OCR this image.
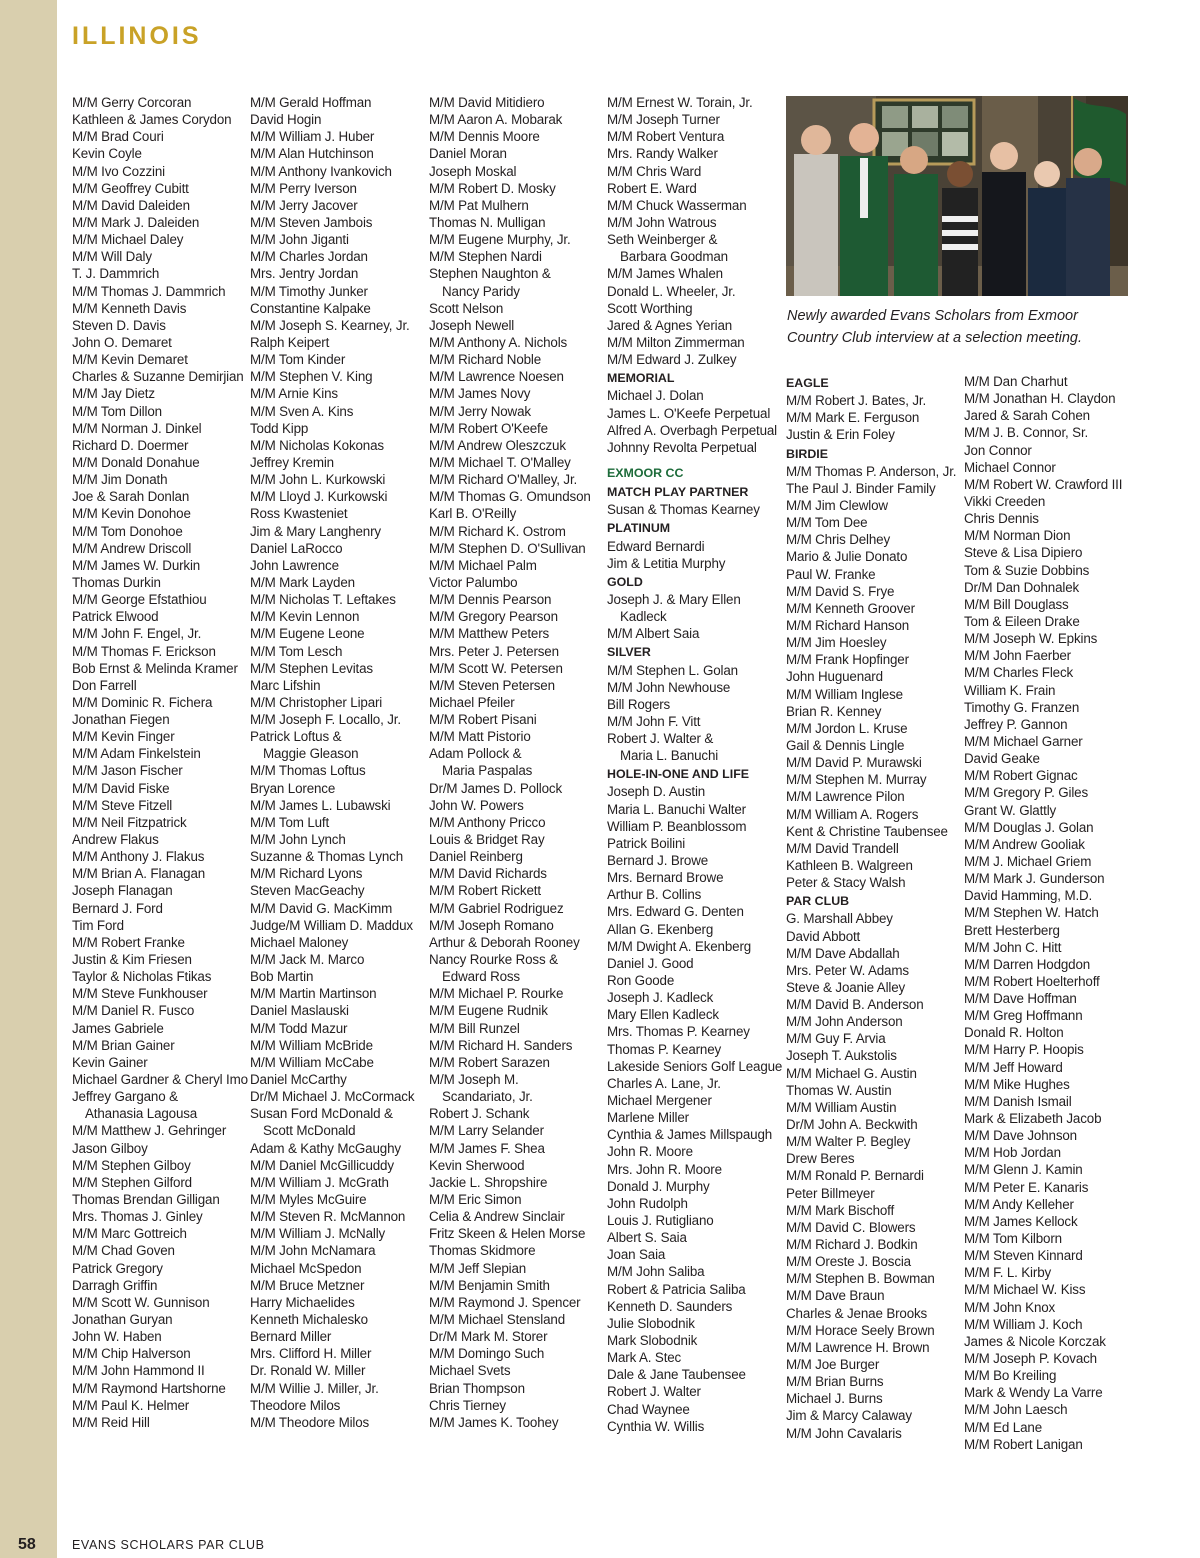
58
ILLINOIS
EVANS SCHOLARS PAR CLUB
M/M Gerry Corcoran
Kathleen & James Corydon
M/M Brad Couri
Kevin Coyle
M/M Ivo Cozzini
M/M Geoffrey Cubitt
M/M David Daleiden
M/M Mark J. Daleiden
M/M Michael Daley
M/M Will Daly
T. J. Dammrich
M/M Thomas J. Dammrich
M/M Kenneth Davis
Steven D. Davis
John O. Demaret
M/M Kevin Demaret
Charles & Suzanne Demirjian
M/M Jay Dietz
M/M Tom Dillon
M/M Norman J. Dinkel
Richard D. Doermer
M/M Donald Donahue
M/M Jim Donath
Joe & Sarah Donlan
M/M Kevin Donohoe
M/M Tom Donohoe
M/M Andrew Driscoll
M/M James W. Durkin
Thomas Durkin
M/M George Efstathiou
Patrick Elwood
M/M John F. Engel, Jr.
M/M Thomas F. Erickson
Bob Ernst & Melinda Kramer
Don Farrell
M/M Dominic R. Fichera
Jonathan Fiegen
M/M Kevin Finger
M/M Adam Finkelstein
M/M Jason Fischer
M/M David Fiske
M/M Steve Fitzell
M/M Neil Fitzpatrick
Andrew Flakus
M/M Anthony J. Flakus
M/M Brian A. Flanagan
Joseph Flanagan
Bernard J. Ford
Tim Ford
M/M Robert Franke
Justin & Kim Friesen
Taylor & Nicholas Ftikas
M/M Steve Funkhouser
M/M Daniel R. Fusco
James Gabriele
M/M Brian Gainer
Kevin Gainer
Michael Gardner & Cheryl Imo
Jeffrey Gargano &
Athanasia Lagousa
M/M Matthew J. Gehringer
Jason Gilboy
M/M Stephen Gilboy
M/M Stephen Gilford
Thomas Brendan Gilligan
Mrs. Thomas J. Ginley
M/M Marc Gottreich
M/M Chad Goven
Patrick Gregory
Darragh Griffin
M/M Scott W. Gunnison
Jonathan Guryan
John W. Haben
M/M Chip Halverson
M/M John Hammond II
M/M Raymond Hartshorne
M/M Paul K. Helmer
M/M Reid Hill
M/M Gerald Hoffman
David Hogin
M/M William J. Huber
M/M Alan Hutchinson
M/M Anthony Ivankovich
M/M Perry Iverson
M/M Jerry Jacover
M/M Steven Jambois
M/M John Jiganti
M/M Charles Jordan
Mrs. Jentry Jordan
M/M Timothy Junker
Constantine Kalpake
M/M Joseph S. Kearney, Jr.
Ralph Keipert
M/M Tom Kinder
M/M Stephen V. King
M/M Arnie Kins
M/M Sven A. Kins
Todd Kipp
M/M Nicholas Kokonas
Jeffrey Kremin
M/M John L. Kurkowski
M/M Lloyd J. Kurkowski
Ross Kwasteniet
Jim & Mary Langhenry
Daniel LaRocco
John Lawrence
M/M Mark Layden
M/M Nicholas T. Leftakes
M/M Kevin Lennon
M/M Eugene Leone
M/M Tom Lesch
M/M Stephen Levitas
Marc Lifshin
M/M Christopher Lipari
M/M Joseph F. Locallo, Jr.
Patrick Loftus &
Maggie Gleason
M/M Thomas Loftus
Bryan Lorence
M/M James L. Lubawski
M/M Tom Luft
M/M John Lynch
Suzanne & Thomas Lynch
M/M Richard Lyons
Steven MacGeachy
M/M David G. MacKimm
Judge/M William D. Maddux
Michael Maloney
M/M Jack M. Marco
Bob Martin
M/M Martin Martinson
Daniel Maslauski
M/M Todd Mazur
M/M William McBride
M/M William McCabe
Daniel McCarthy
Dr/M Michael J. McCormack
Susan Ford McDonald &
Scott McDonald
Adam & Kathy McGaughy
M/M Daniel McGillicuddy
M/M William J. McGrath
M/M Myles McGuire
M/M Steven R. McMannon
M/M William J. McNally
M/M John McNamara
Michael McSpedon
M/M Bruce Metzner
Harry Michaelides
Kenneth Michalesko
Bernard Miller
Mrs. Clifford H. Miller
Dr. Ronald W. Miller
M/M Willie J. Miller, Jr.
Theodore Milos
M/M Theodore Milos
M/M David Mitidiero
M/M Aaron A. Mobarak
M/M Dennis Moore
Daniel Moran
Joseph Moskal
M/M Robert D. Mosky
M/M Pat Mulhern
Thomas N. Mulligan
M/M Eugene Murphy, Jr.
M/M Stephen Nardi
Stephen Naughton &
Nancy Paridy
Scott Nelson
Joseph Newell
M/M Anthony A. Nichols
M/M Richard Noble
M/M Lawrence Noesen
M/M James Novy
M/M Jerry Nowak
M/M Robert O'Keefe
M/M Andrew Oleszczuk
M/M Michael T. O'Malley
M/M Richard O'Malley, Jr.
M/M Thomas G. Omundson
Karl B. O'Reilly
M/M Richard K. Ostrom
M/M Stephen D. O'Sullivan
M/M Michael Palm
Victor Palumbo
M/M Dennis Pearson
M/M Gregory Pearson
M/M Matthew Peters
Mrs. Peter J. Petersen
M/M Scott W. Petersen
M/M Steven Petersen
Michael Pfeiler
M/M Robert Pisani
M/M Matt Pistorio
Adam Pollock &
Maria Paspalas
Dr/M James D. Pollock
John W. Powers
M/M Anthony Pricco
Louis & Bridget Ray
Daniel Reinberg
M/M David Richards
M/M Robert Rickett
M/M Gabriel Rodriguez
M/M Joseph Romano
Arthur & Deborah Rooney
Nancy Rourke Ross &
Edward Ross
M/M Michael P. Rourke
M/M Eugene Rudnik
M/M Bill Runzel
M/M Richard H. Sanders
M/M Robert Sarazen
M/M Joseph M.
Scandariato, Jr.
Robert J. Schank
M/M Larry Selander
M/M James F. Shea
Kevin Sherwood
Jackie L. Shropshire
M/M Eric Simon
Celia & Andrew Sinclair
Fritz Skeen & Helen Morse
Thomas Skidmore
M/M Jeff Slepian
M/M Benjamin Smith
M/M Raymond J. Spencer
M/M Michael Stensland
Dr/M Mark M. Storer
M/M Domingo Such
Michael Svets
Brian Thompson
Chris Tierney
M/M James K. Toohey
M/M Ernest W. Torain, Jr.
M/M Joseph Turner
M/M Robert Ventura
Mrs. Randy Walker
M/M Chris Ward
Robert E. Ward
M/M Chuck Wasserman
M/M John Watrous
Seth Weinberger &
Barbara Goodman
M/M James Whalen
Donald L. Wheeler, Jr.
Scott Worthing
Jared & Agnes Yerian
M/M Milton Zimmerman
M/M Edward J. Zulkey
MEMORIAL
Michael J. Dolan
James L. O'Keefe Perpetual
Alfred A. Overbagh Perpetual
Johnny Revolta Perpetual
EXMOOR CC
MATCH PLAY PARTNER
Susan & Thomas Kearney
PLATINUM
Edward Bernardi
Jim & Letitia Murphy
GOLD
Joseph J. & Mary Ellen
Kadleck
M/M Albert Saia
SILVER
M/M Stephen L. Golan
M/M John Newhouse
Bill Rogers
M/M John F. Vitt
Robert J. Walter &
Maria L. Banuchi
HOLE-IN-ONE AND LIFE
Joseph D. Austin
Maria L. Banuchi Walter
William P. Beanblossom
Patrick Boilini
Bernard J. Browe
Mrs. Bernard Browe
Arthur B. Collins
Mrs. Edward G. Denten
Allan G. Ekenberg
M/M Dwight A. Ekenberg
Daniel J. Good
Ron Goode
Joseph J. Kadleck
Mary Ellen Kadleck
Mrs. Thomas P. Kearney
Thomas P. Kearney
Lakeside Seniors Golf League
Charles A. Lane, Jr.
Michael Mergener
Marlene Miller
Cynthia & James Millspaugh
John R. Moore
Mrs. John R. Moore
Donald J. Murphy
John Rudolph
Louis J. Rutigliano
Albert S. Saia
Joan Saia
M/M John Saliba
Robert & Patricia Saliba
Kenneth D. Saunders
Julie Slobodnik
Mark Slobodnik
Mark A. Stec
Dale & Jane Taubensee
Robert J. Walter
Chad Waynee
Cynthia W. Willis
EAGLE
M/M Robert J. Bates, Jr.
M/M Mark E. Ferguson
Justin & Erin Foley
BIRDIE
M/M Thomas P. Anderson, Jr.
The Paul J. Binder Family
M/M Jim Clewlow
M/M Tom Dee
M/M Chris Delhey
Mario & Julie Donato
Paul W. Franke
M/M David S. Frye
M/M Kenneth Groover
M/M Richard Hanson
M/M Jim Hoesley
M/M Frank Hopfinger
John Huguenard
M/M William Inglese
Brian R. Kenney
M/M Jordon L. Kruse
Gail & Dennis Lingle
M/M David P. Murawski
M/M Stephen M. Murray
M/M Lawrence Pilon
M/M William A. Rogers
Kent & Christine Taubensee
M/M David Trandell
Kathleen B. Walgreen
Peter & Stacy Walsh
PAR CLUB
G. Marshall Abbey
David Abbott
M/M Dave Abdallah
Mrs. Peter W. Adams
Steve & Joanie Alley
M/M David B. Anderson
M/M John Anderson
M/M Guy F. Arvia
Joseph T. Aukstolis
M/M Michael G. Austin
Thomas W. Austin
M/M William Austin
Dr/M John A. Beckwith
M/M Walter P. Begley
Drew Beres
M/M Ronald P. Bernardi
Peter Billmeyer
M/M Mark Bischoff
M/M David C. Blowers
M/M Richard J. Bodkin
M/M Oreste J. Boscia
M/M Stephen B. Bowman
M/M Dave Braun
Charles & Jenae Brooks
M/M Horace Seely Brown
M/M Lawrence H. Brown
M/M Joe Burger
M/M Brian Burns
Michael J. Burns
Jim & Marcy Calaway
M/M John Cavalaris
M/M Dan Charhut
M/M Jonathan H. Claydon
Jared & Sarah Cohen
M/M J. B. Connor, Sr.
Jon Connor
Michael Connor
M/M Robert W. Crawford III
Vikki Creeden
Chris Dennis
M/M Norman Dion
Steve & Lisa Dipiero
Tom & Suzie Dobbins
Dr/M Dan Dohnalek
M/M Bill Douglass
Tom & Eileen Drake
M/M Joseph W. Epkins
M/M John Faerber
M/M Charles Fleck
William K. Frain
Timothy G. Franzen
Jeffrey P. Gannon
M/M Michael Garner
David Geake
M/M Robert Gignac
M/M Gregory P. Giles
Grant W. Glattly
M/M Douglas J. Golan
M/M Andrew Gooliak
M/M J. Michael Griem
M/M Mark J. Gunderson
David Hamming, M.D.
M/M Stephen W. Hatch
Brett Hesterberg
M/M John C. Hitt
M/M Darren Hodgdon
M/M Robert Hoelterhoff
M/M Dave Hoffman
M/M Greg Hoffmann
Donald R. Holton
M/M Harry P. Hoopis
M/M Jeff Howard
M/M Mike Hughes
M/M Danish Ismail
Mark & Elizabeth Jacob
M/M Dave Johnson
M/M Hob Jordan
M/M Glenn J. Kamin
M/M Peter E. Kanaris
M/M Andy Kelleher
M/M James Kellock
M/M Tom Kilborn
M/M Steven Kinnard
M/M F. L. Kirby
M/M Michael W. Kiss
M/M John Knox
M/M William J. Koch
James & Nicole Korczak
M/M Joseph P. Kovach
M/M Bo Kreiling
Mark & Wendy La Varre
M/M John Laesch
M/M Ed Lane
M/M Robert Lanigan
Newly awarded Evans Scholars from Exmoor Country Club interview at a selection meeting.
